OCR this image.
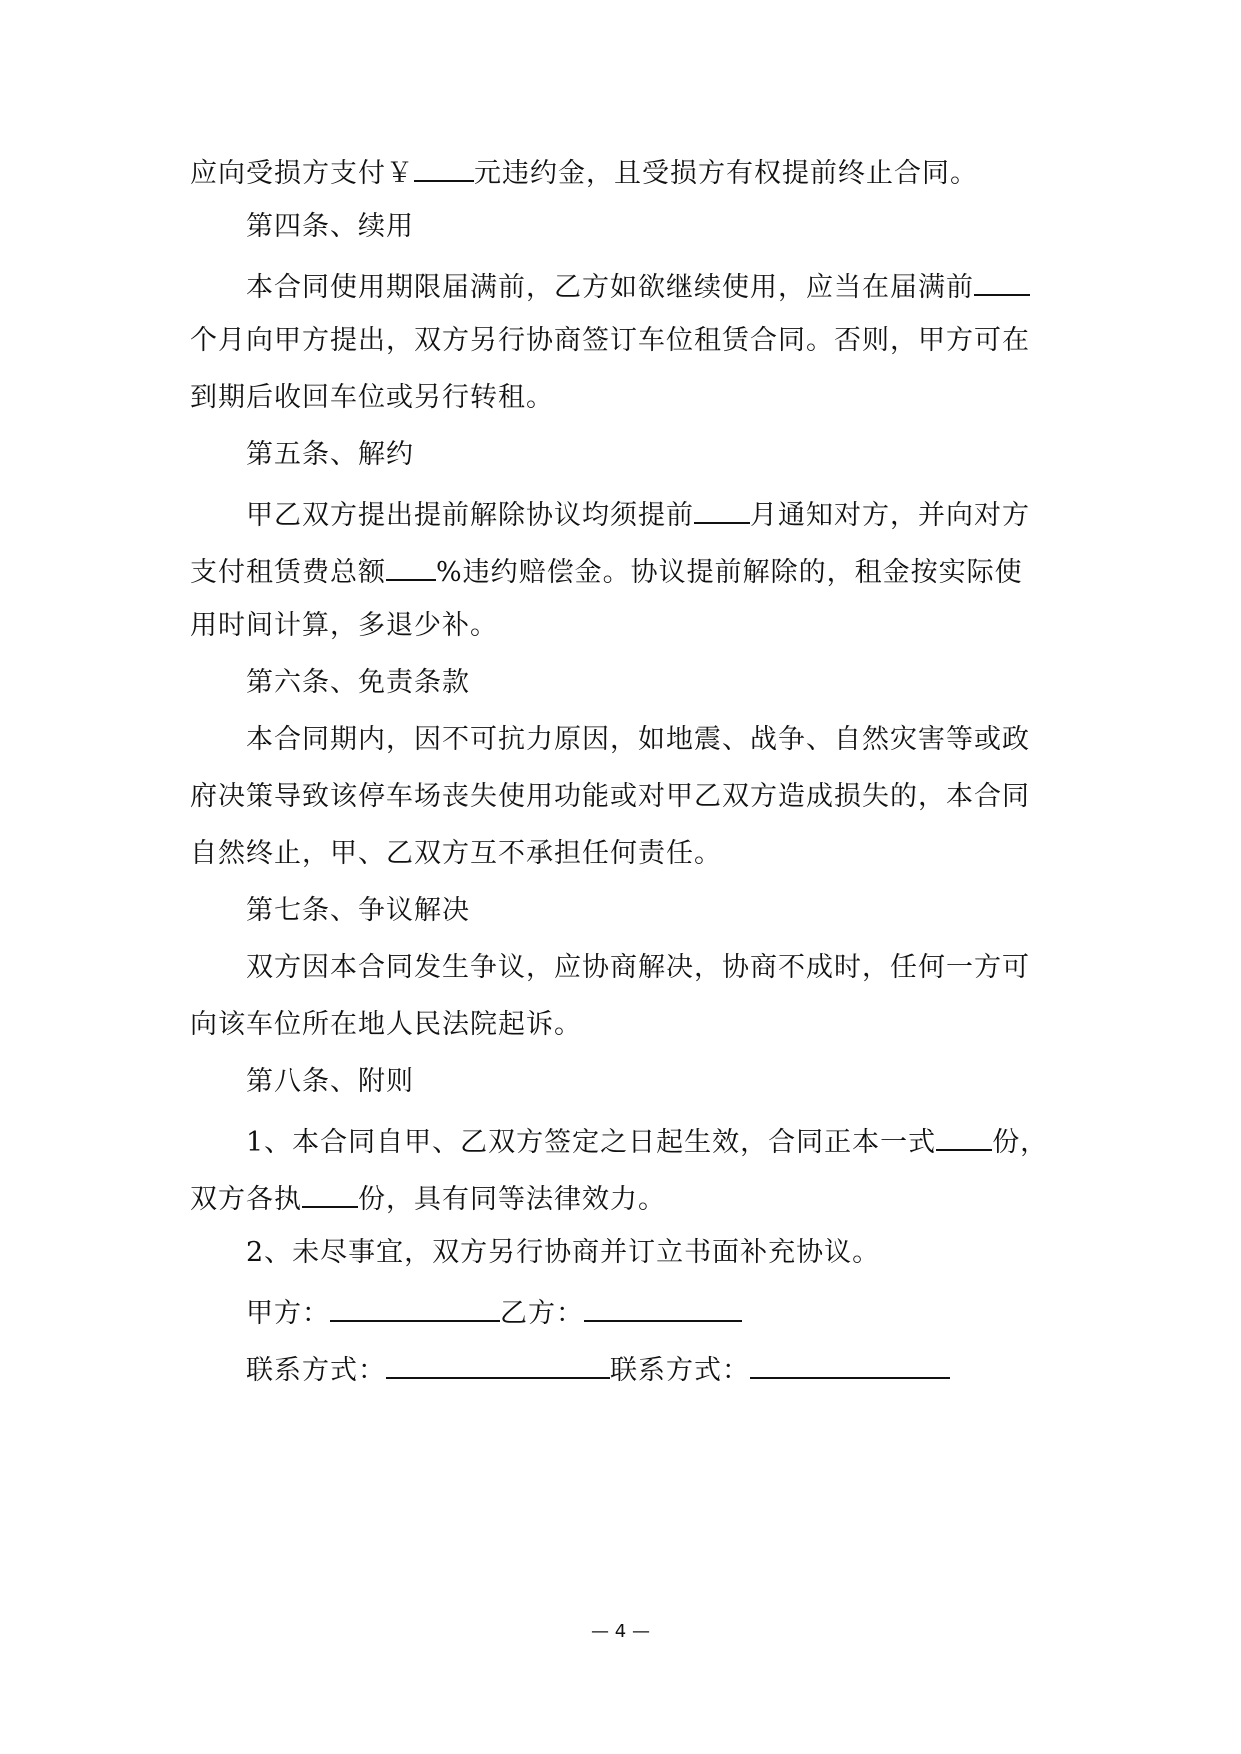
应向受损方支付￥ 元违约金，且受损方有权提前终止合同。
第四条、续用
本合同使用期限届满前，乙方如欲继续使用，应当在届满前
个月向甲方提出，双方另行协商签订车位租赁合同。否则，甲方可在
到期后收回车位或另行转租。
第五条、解约
甲乙双方提出提前解除协议均须提前 月通知对方，并向对方
支付租赁费总额 %违约赔偿金。协议提前解除的，租金按实际使
用时间计算，多退少补。
第六条、免责条款
本合同期内，因不可抗力原因，如地震、战争、自然灾害等或政
府决策导致该停车场丧失使用功能或对甲乙双方造成损失的，本合同
自然终止，甲、乙双方互不承担任何责任。
第七条、争议解决
双方因本合同发生争议，应协商解决，协商不成时，任何一方可
向该车位所在地人民法院起诉。
第八条、附则
1、本合同自甲、乙双方签定之日起生效，合同正本一式 份，
双方各执 份，具有同等法律效力。
2、未尽事宜，双方另行协商并订立书面补充协议。
甲方：	乙方：
联系方式：	联系方式：
— 4 —
